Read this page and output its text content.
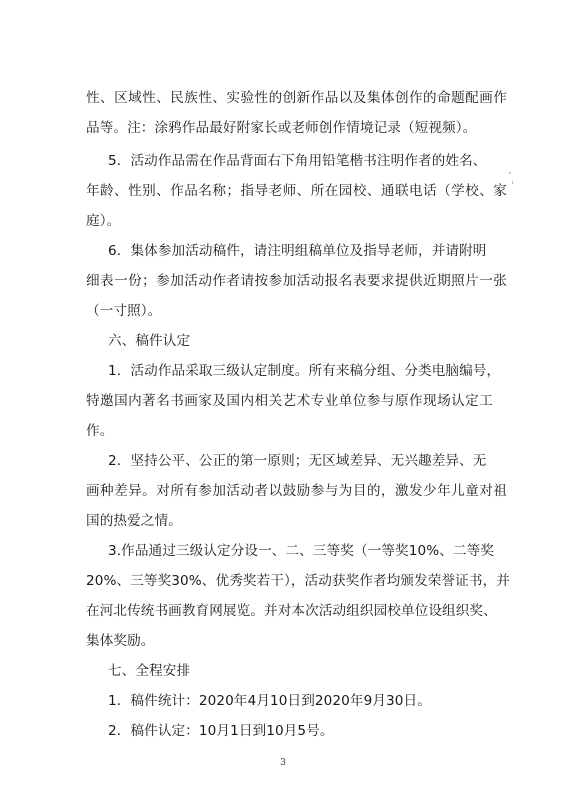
性、区域性、民族性、实验性的创新作品以及集体创作的命题配画作
品等。注：涂鸦作品最好附家长或老师创作情境记录（短视频）。
5．活动作品需在作品背面右下角用铅笔楷书注明作者的姓名、
年龄、性别、作品名称；指导老师、所在园校、通联电话（学校、家
庭）。
6．集体参加活动稿件，请注明组稿单位及指导老师，并请附明
细表一份；参加活动作者请按参加活动报名表要求提供近期照片一张
（一寸照）。
六、稿件认定
1．活动作品采取三级认定制度。所有来稿分组、分类电脑编号，
特邀国内著名书画家及国内相关艺术专业单位参与原作现场认定工
作。
2．坚持公平、公正的第一原则；无区域差异、无兴趣差异、无
画种差异。对所有参加活动者以鼓励参与为目的，激发少年儿童对祖
国的热爱之情。
3.作品通过三级认定分设一、二、三等奖（一等奖10%、二等奖
20%、三等奖30%、优秀奖若干），活动获奖作者均颁发荣誉证书，并
在河北传统书画教育网展览。并对本次活动组织园校单位设组织奖、
集体奖励。
七、全程安排
1．稿件统计：2020年4月10日到2020年9月30日。
2．稿件认定：10月1日到10月5号。
3
